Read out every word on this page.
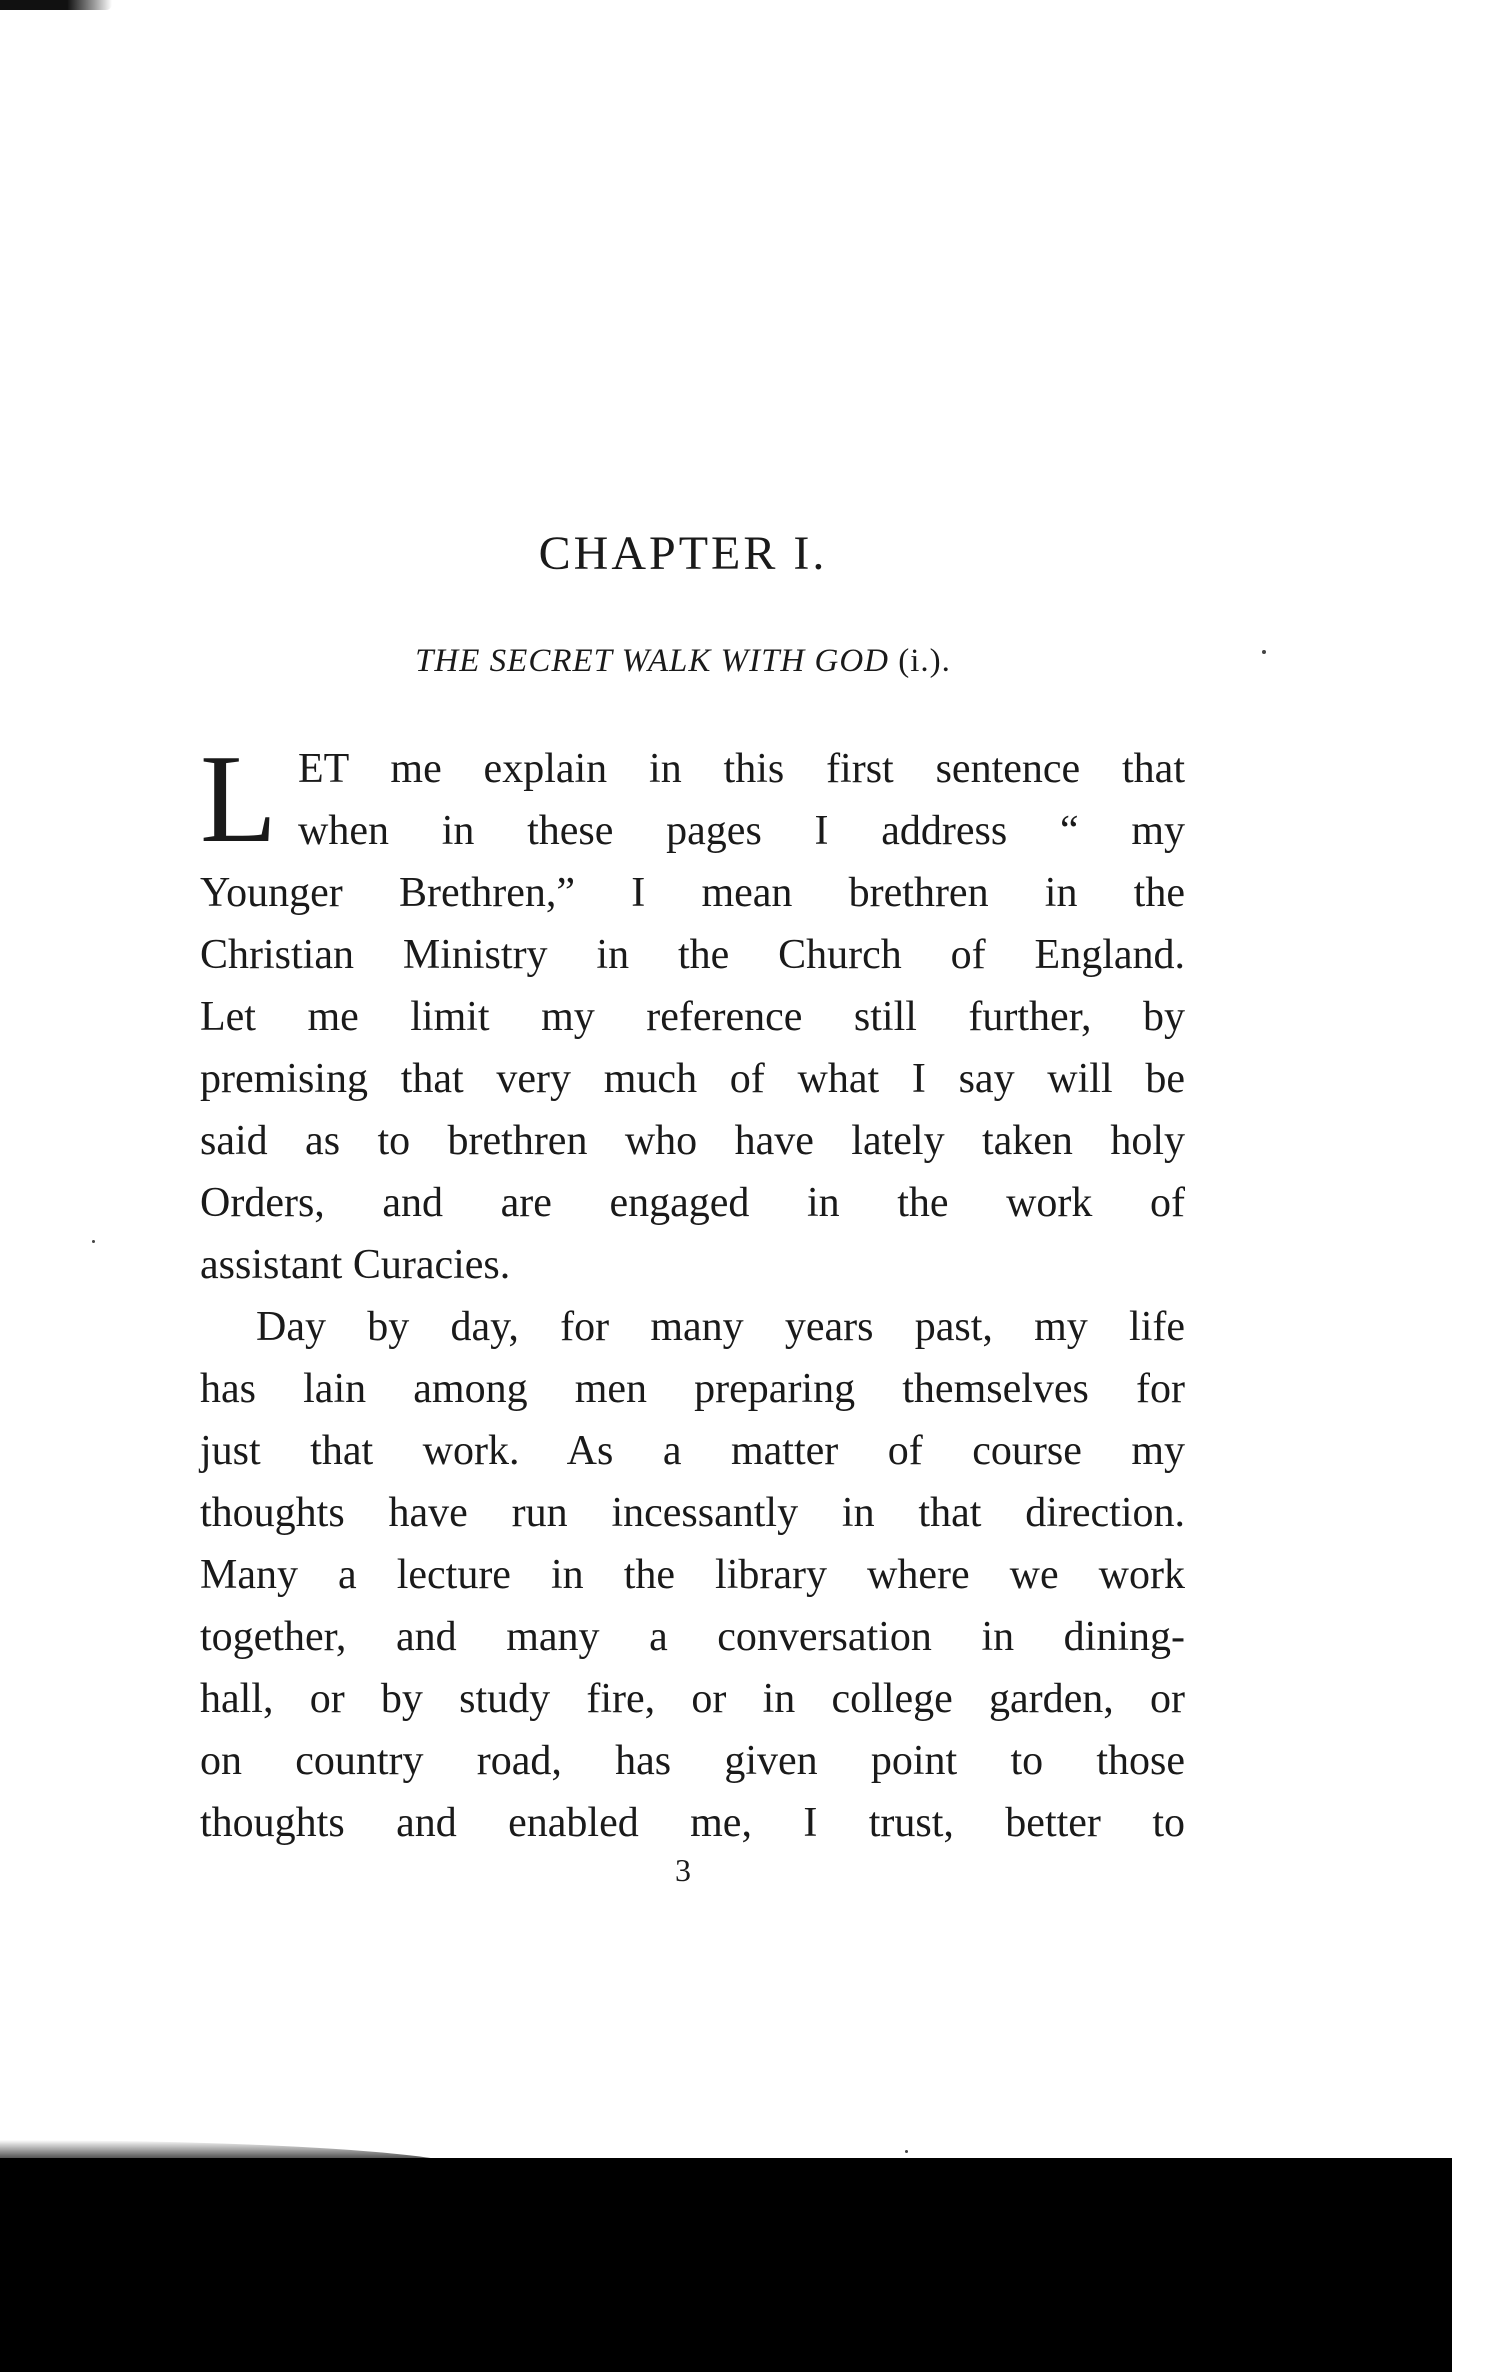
CHAPTER I.
THE SECRET WALK WITH GOD (i.).
L ET me explain in this first sentence that
when in these pages I address “ my
Younger Brethren,” I mean brethren in the
Christian Ministry in the Church of England.
Let me limit my reference still further, by
premising that very much of what I say will be
said as to brethren who have lately taken holy
Orders, and are engaged in the work of
assistant Curacies.
Day by day, for many years past, my life
has lain among men preparing themselves for
just that work. As a matter of course my
thoughts have run incessantly in that direction.
Many a lecture in the library where we work
together, and many a conversation in dining-
hall, or by study fire, or in college garden, or
on country road, has given point to those
thoughts and enabled me, I trust, better to
3
